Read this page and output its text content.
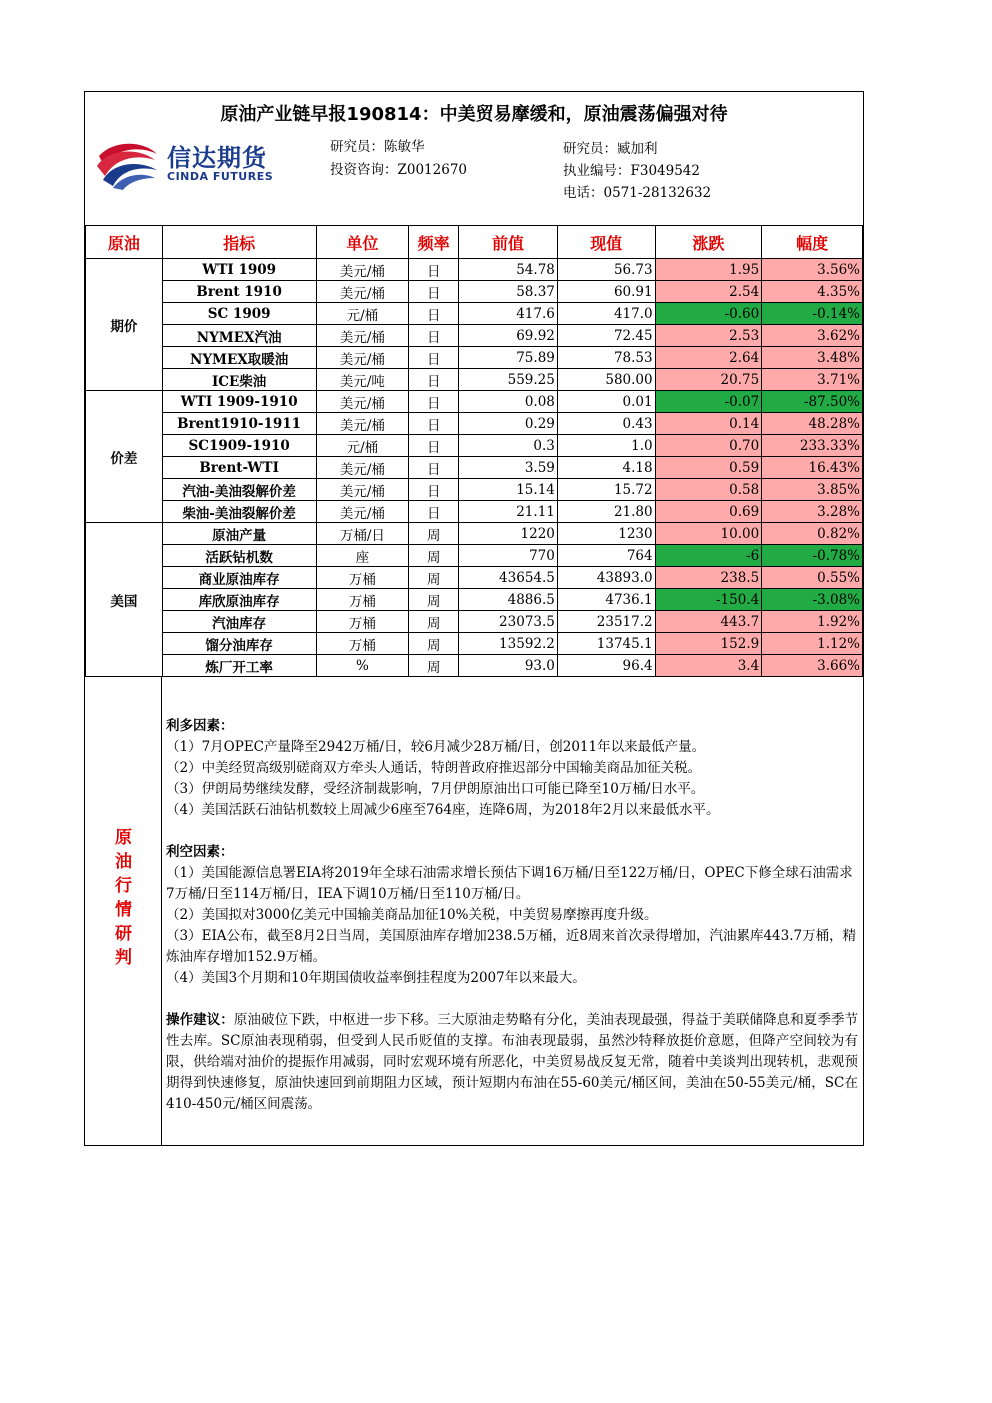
原油产业链早报190814：中美贸易摩缓和，原油震荡偏强对待
信达期货
CINDA FUTURES
研究员：陈敏华
投资咨询：Z0012670
研究员：臧加利
执业编号：F3049542
电话：0571-28132632
原油	指标	单位	频率	前值	现值	涨跌	幅度
期价	WTI 1909	美元/桶	日	54.78	56.73	1.95	3.56%
	Brent 1910	美元/桶	日	58.37	60.91	2.54	4.35%
	SC 1909	元/桶	日	417.6	417.0	-0.60	-0.14%
	NYMEX汽油	美元/桶	日	69.92	72.45	2.53	3.62%
	NYMEX取暖油	美元/桶	日	75.89	78.53	2.64	3.48%
	ICE柴油	美元/吨	日	559.25	580.00	20.75	3.71%
价差	WTI 1909-1910	美元/桶	日	0.08	0.01	-0.07	-87.50%
	Brent1910-1911	美元/桶	日	0.29	0.43	0.14	48.28%
	SC1909-1910	元/桶	日	0.3	1.0	0.70	233.33%
	Brent-WTI	美元/桶	日	3.59	4.18	0.59	16.43%
	汽油-美油裂解价差	美元/桶	日	15.14	15.72	0.58	3.85%
	柴油-美油裂解价差	美元/桶	日	21.11	21.80	0.69	3.28%
美国	原油产量	万桶/日	周	1220	1230	10.00	0.82%
	活跃钻机数	座	周	770	764	-6	-0.78%
	商业原油库存	万桶	周	43654.5	43893.0	238.5	0.55%
	库欣原油库存	万桶	周	4886.5	4736.1	-150.4	-3.08%
	汽油库存	万桶	周	23073.5	23517.2	443.7	1.92%
	馏分油库存	万桶	周	13592.2	13745.1	152.9	1.12%
	炼厂开工率	%	周	93.0	96.4	3.4	3.66%
原
油
行
情
研
判
利多因素：
（1）7月OPEC产量降至2942万桶/日，较6月减少28万桶/日，创2011年以来最低产量。
（2）中美经贸高级别磋商双方牵头人通话，特朗普政府推迟部分中国输美商品加征关税。
（3）伊朗局势继续发酵，受经济制裁影响，7月伊朗原油出口可能已降至10万桶/日水平。
（4）美国活跃石油钻机数较上周减少6座至764座，连降6周，为2018年2月以来最低水平。
利空因素：
（1）美国能源信息署EIA将2019年全球石油需求增长预估下调16万桶/日至122万桶/日，OPEC下修全球石油需求7万桶/日至114万桶/日，IEA下调10万桶/日至110万桶/日。
（2）美国拟对3000亿美元中国输美商品加征10%关税，中美贸易摩擦再度升级。
（3）EIA公布，截至8月2日当周，美国原油库存增加238.5万桶，近8周来首次录得增加，汽油累库443.7万桶，精炼油库存增加152.9万桶。
（4）美国3个月期和10年期国债收益率倒挂程度为2007年以来最大。
操作建议：原油破位下跌，中枢进一步下移。三大原油走势略有分化，美油表现最强，得益于美联储降息和夏季季节性去库。SC原油表现稍弱，但受到人民币贬值的支撑。布油表现最弱，虽然沙特释放挺价意愿，但降产空间较为有限，供给端对油价的提振作用减弱，同时宏观环境有所恶化，中美贸易战反复无常，随着中美谈判出现转机，悲观预期得到快速修复，原油快速回到前期阻力区域，预计短期内布油在55-60美元/桶区间，美油在50-55美元/桶，SC在410-450元/桶区间震荡。
